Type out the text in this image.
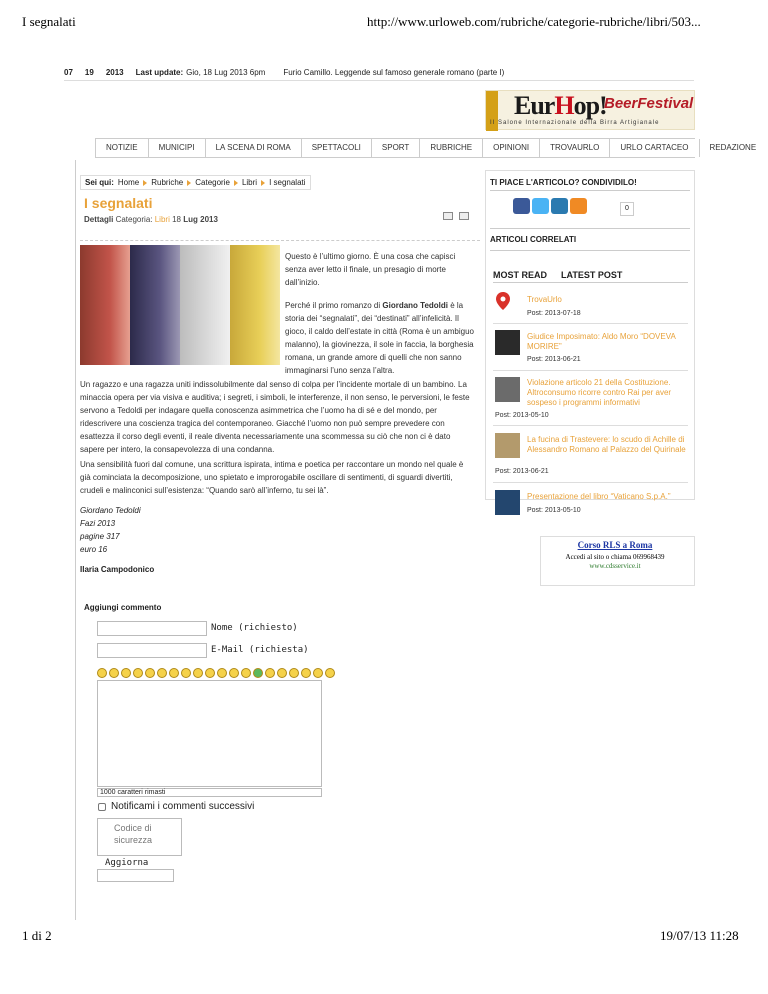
I segnalati	http://www.urloweb.com/rubriche/categorie-rubriche/libri/503...
07 19 2013 Last update: Gio, 18 Lug 2013 6pm Furio Camillo. Leggende sul famoso generale romano (parte I)
EurHop!
BeerFestival
II Salone Internazionale della Birra Artigianale
NOTIZIE	MUNICIPI	LA SCENA DI ROMA	SPETTACOLI	SPORT	RUBRICHE	OPINIONI	TROVAURLO	URLO CARTACEO	REDAZIONE
Sei qui: Home Rubriche Categorie Libri I segnalati
I segnalati
Dettagli Categoria: Libri 18 Lug 2013

Questo è l’ultimo giorno. È una cosa che capisci senza aver letto il finale, un presagio di morte dall’inizio.

Perché il primo romanzo di Giordano Tedoldi è la storia dei “segnalati”, dei “destinati” all’infelicità. Il gioco, il caldo dell’estate in città (Roma è un ambiguo malanno), la giovinezza, il sole in faccia, la borghesia romana, un grande amore di quelli che non sanno immaginarsi l’uno senza l’altra.

Un ragazzo e una ragazza uniti indissolubilmente dal senso di colpa per l’incidente mortale di un bambino. La minaccia opera per via visiva e auditiva; i segreti, i simboli, le interferenze, il non senso, le perversioni, le feste servono a Tedoldi per indagare quella conoscenza asimmetrica che l’uomo ha di sé e del mondo, per ridescrivere una coscienza tragica del contemporaneo. Giacché l’uomo non può sempre prevedere con esattezza il corso degli eventi, il reale diventa necessariamente una scommessa su ciò che non ci è dato sapere per intero, la consapevolezza di una condanna.
Una sensibilità fuori dal comune, una scrittura ispirata, intima e poetica per raccontare un mondo nel quale è già cominciata la decomposizione, uno spietato e improrogabile oscillare di sentimenti, di sguardi divertiti, crudeli e malinconici sull’esistenza: “Quando sarò all’inferno, tu sei là”.
Giordano Tedoldi
Fazi 2013
pagine 317
euro 16
Ilaria Campodonico
Aggiungi commento
Nome (richiesto)
E-Mail (richiesta)
1000 caratteri rimasti
Notificami i commenti successivi
Codice di sicurezza
Aggiorna
TI PIACE L'ARTICOLO? CONDIVIDILO!
0
ARTICOLI CORRELATI
MOST READ LATEST POST
TrovaUrlo
Post: 2013-07-18
Giudice Imposimato: Aldo Moro “DOVEVA MORIRE”
Post: 2013-06-21
Violazione articolo 21 della Costituzione. Altroconsumo ricorre contro Rai per aver sospeso i programmi informativi
Post: 2013-05-10
La fucina di Trastevere: lo scudo di Achille di Alessandro Romano al Palazzo del Quirinale
Post: 2013-06-21
Presentazione del libro “Vaticano S.p.A.”
Post: 2013-05-10
Corso RLS a Roma
Accedi al sito o chiama 069968439
www.cdsservice.it
1 di 2	19/07/13 11:28
